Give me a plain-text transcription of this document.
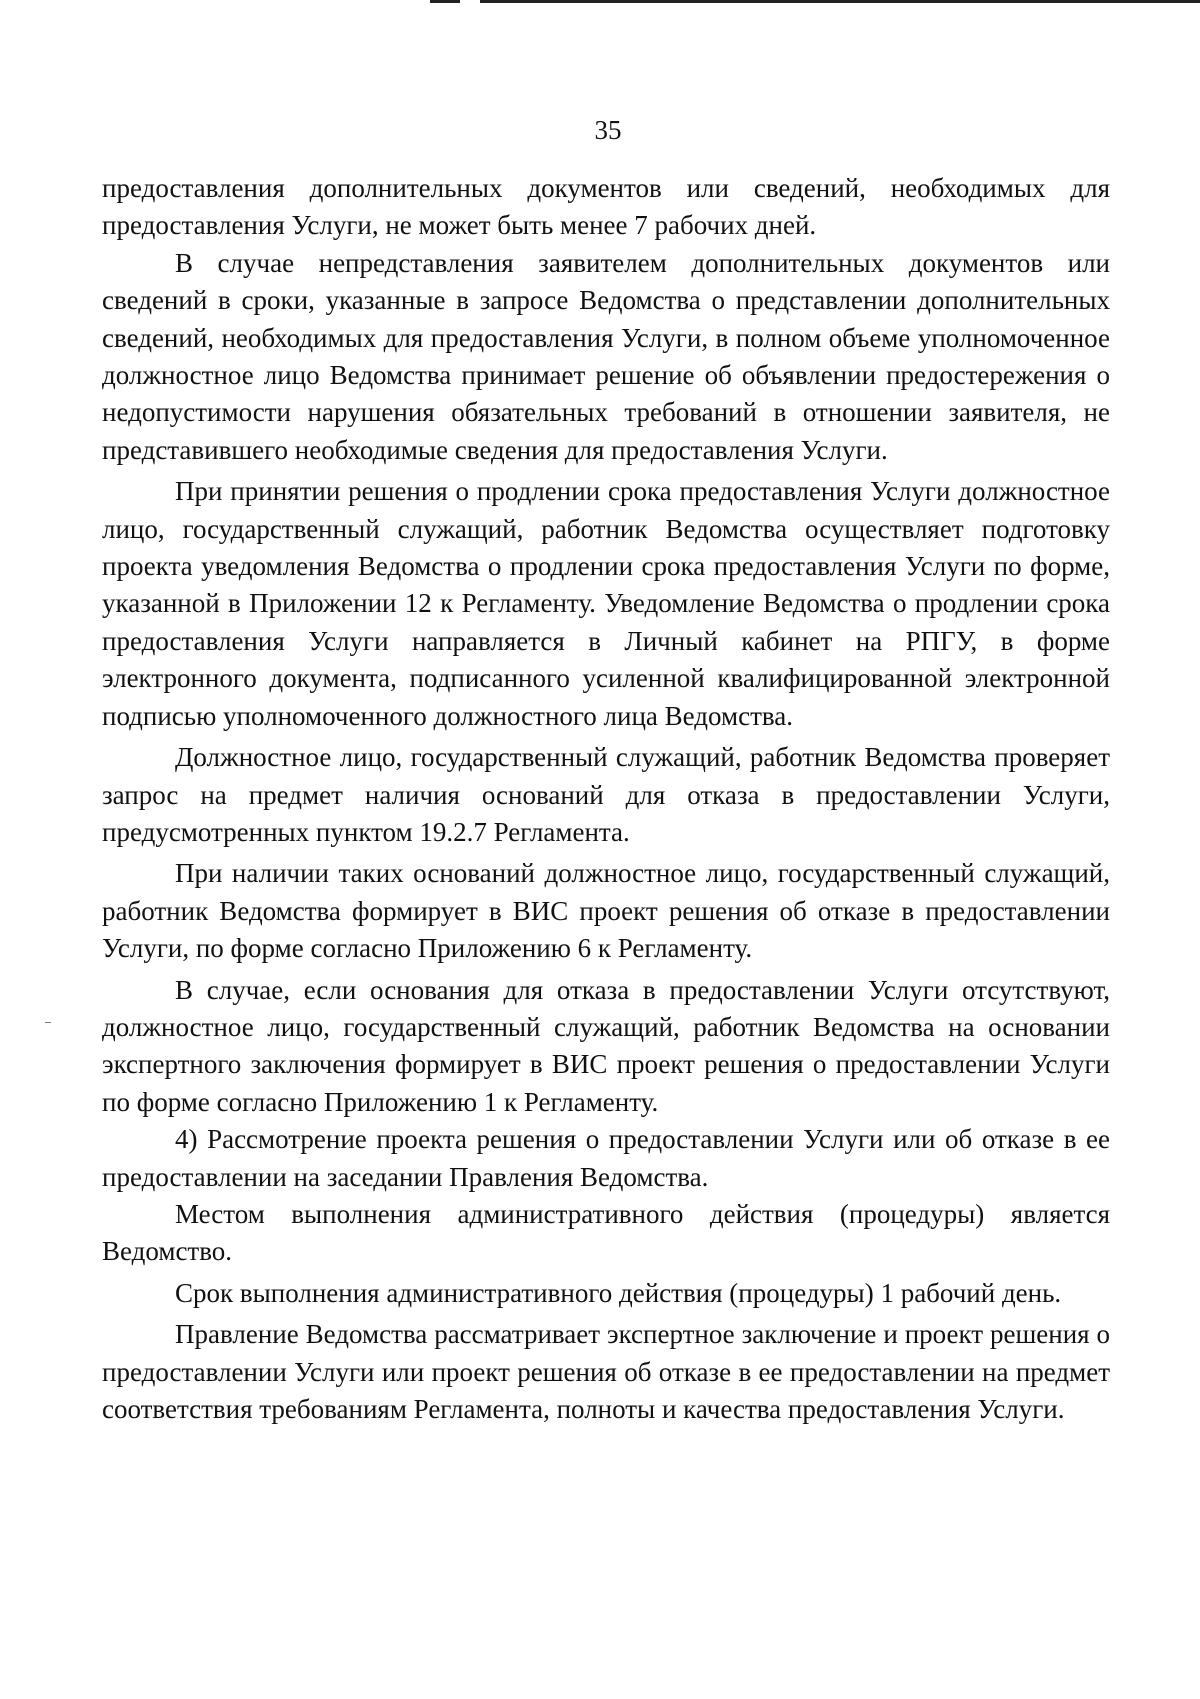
35

предоставления дополнительных документов или сведений, необходимых для предоставления Услуги, не может быть менее 7 рабочих дней.

В случае непредставления заявителем дополнительных документов или сведений в сроки, указанные в запросе Ведомства о представлении дополнительных сведений, необходимых для предоставления Услуги, в полном объеме уполномоченное должностное лицо Ведомства принимает решение об объявлении предостережения о недопустимости нарушения обязательных требований в отношении заявителя, не представившего необходимые сведения для предоставления Услуги.

При принятии решения о продлении срока предоставления Услуги должностное лицо, государственный служащий, работник Ведомства осуществляет подготовку проекта уведомления Ведомства о продлении срока предоставления Услуги по форме, указанной в Приложении 12 к Регламенту. Уведомление Ведомства о продлении срока предоставления Услуги направляется в Личный кабинет на РПГУ, в форме электронного документа, подписанного усиленной квалифицированной электронной подписью уполномоченного должностного лица Ведомства.

Должностное лицо, государственный служащий, работник Ведомства проверяет запрос на предмет наличия оснований для отказа в предоставлении Услуги, предусмотренных пунктом 19.2.7 Регламента.

При наличии таких оснований должностное лицо, государственный служащий, работник Ведомства формирует в ВИС проект решения об отказе в предоставлении Услуги, по форме согласно Приложению 6 к Регламенту.

В случае, если основания для отказа в предоставлении Услуги отсутствуют, должностное лицо, государственный служащий, работник Ведомства на основании экспертного заключения формирует в ВИС проект решения о предоставлении Услуги по форме согласно Приложению 1 к Регламенту.

4) Рассмотрение проекта решения о предоставлении Услуги или об отказе в ее предоставлении на заседании Правления Ведомства.

Местом выполнения административного действия (процедуры) является Ведомство.

Срок выполнения административного действия (процедуры) 1 рабочий день.

Правление Ведомства рассматривает экспертное заключение и проект решения о предоставлении Услуги или проект решения об отказе в ее предоставлении на предмет соответствия требованиям Регламента, полноты и качества предоставления Услуги.
